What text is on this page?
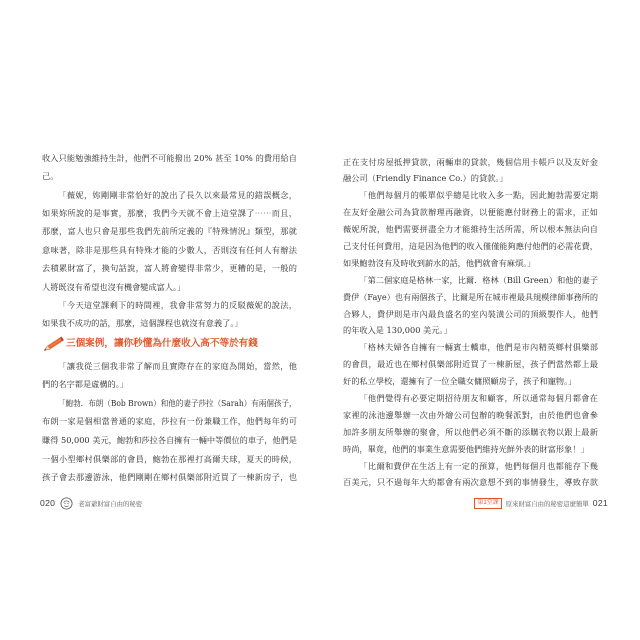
收入只能勉強維持生計，他們不可能撥出 20% 甚至 10% 的費用給自
己。
「薇妮，妳剛剛非常恰好的說出了長久以來最常見的錯誤概念，
如果妳所說的是事實，那麼，我們今天就不會上這堂課了⋯⋯而且，
那麼，富人也只會是那些我們先前所定義的『特殊情況』類型，那就
意味著，除非是那些具有特殊才能的少數人，否則沒有任何人有辦法
去積累財富了，換句話說，富人將會變得非常少，更糟的是，一般的
人將既沒有希望也沒有機會變成富人。」
「今天這堂課剩下的時間裡，我會非常努力的反駁薇妮的說法，
如果我不成功的話，那麼，這個課程也就沒有意義了。」
三個案例，讓你秒懂為什麼收入高不等於有錢
「讓我從三個我非常了解而且實際存在的家庭為開始，當然，他
們的名字都是虛構的。」
「鮑勃．布朗（Bob Brown）和他的妻子莎拉（Sarah）有兩個孩子，
布朗一家是個相當普通的家庭，莎拉有一份兼職工作，他們每年約可
賺得 50,000 美元，鮑勃和莎拉各自擁有一輛中等價位的車子，他們是
一個小型鄉村俱樂部的會員，鮑勃在那裡打高爾夫球，夏天的時候，
孩子會去那邊游泳，他們剛剛在鄉村俱樂部附近買了一棟新房子，也
020	老富爺財富自由的秘密
正在支付房屋抵押貸款，兩輛車的貸款，幾個信用卡帳戶以及友好金
融公司（Friendly Finance Co.）的貸款。」
「他們每個月的帳單似乎總是比收入多一點，因此鮑勃需要定期
在友好金融公司為貸款辦理再融資，以便能應付財務上的需求，正如
薇妮所說，他們需要拼盡全力才能維持生活所需，所以根本無法向自
己支付任何費用，這是因為他們的收入僅僅能夠應付他們的必需花費，
如果鮑勃沒有及時收到薪水的話，他們就會有麻煩。」
「第二個家庭是格林一家，比爾．格林（Bill Green）和他的妻子
費伊（Faye）也有兩個孩子，比爾是所在城市裡最具規模律師事務所的
合夥人，費伊則是市內最負盛名的室內裝潢公司的頂級製作人，他們
的年收入是 130,000 美元。」
「格林夫婦各自擁有一輛賓士轎車，他們是市內精英鄉村俱樂部
的會員，最近也在鄉村俱樂部附近買了一棟新屋，孩子們當然都上最
好的私立學校，還擁有了一位全職女傭照顧房子，孩子和寵物。」
「他們覺得有必要定期招待朋友和顧客，所以通常每個月都會在
家裡的泳池邊舉辦一次由外燴公司包辦的晚餐派對，由於他們也會參
加許多朋友所舉辦的聚會，所以他們必須不斷的添購衣物以跟上最新
時尚，畢竟，他們的事業生意需要他們維持光鮮外表的財富形象！」
「比爾和費伊在生活上有一定的預算，他們每個月也都能存下幾
百美元，只不過每年大約都會有兩次意想不到的事情發生，導致存款
第1堂課	原來財富自由的秘密這麼簡單 021
